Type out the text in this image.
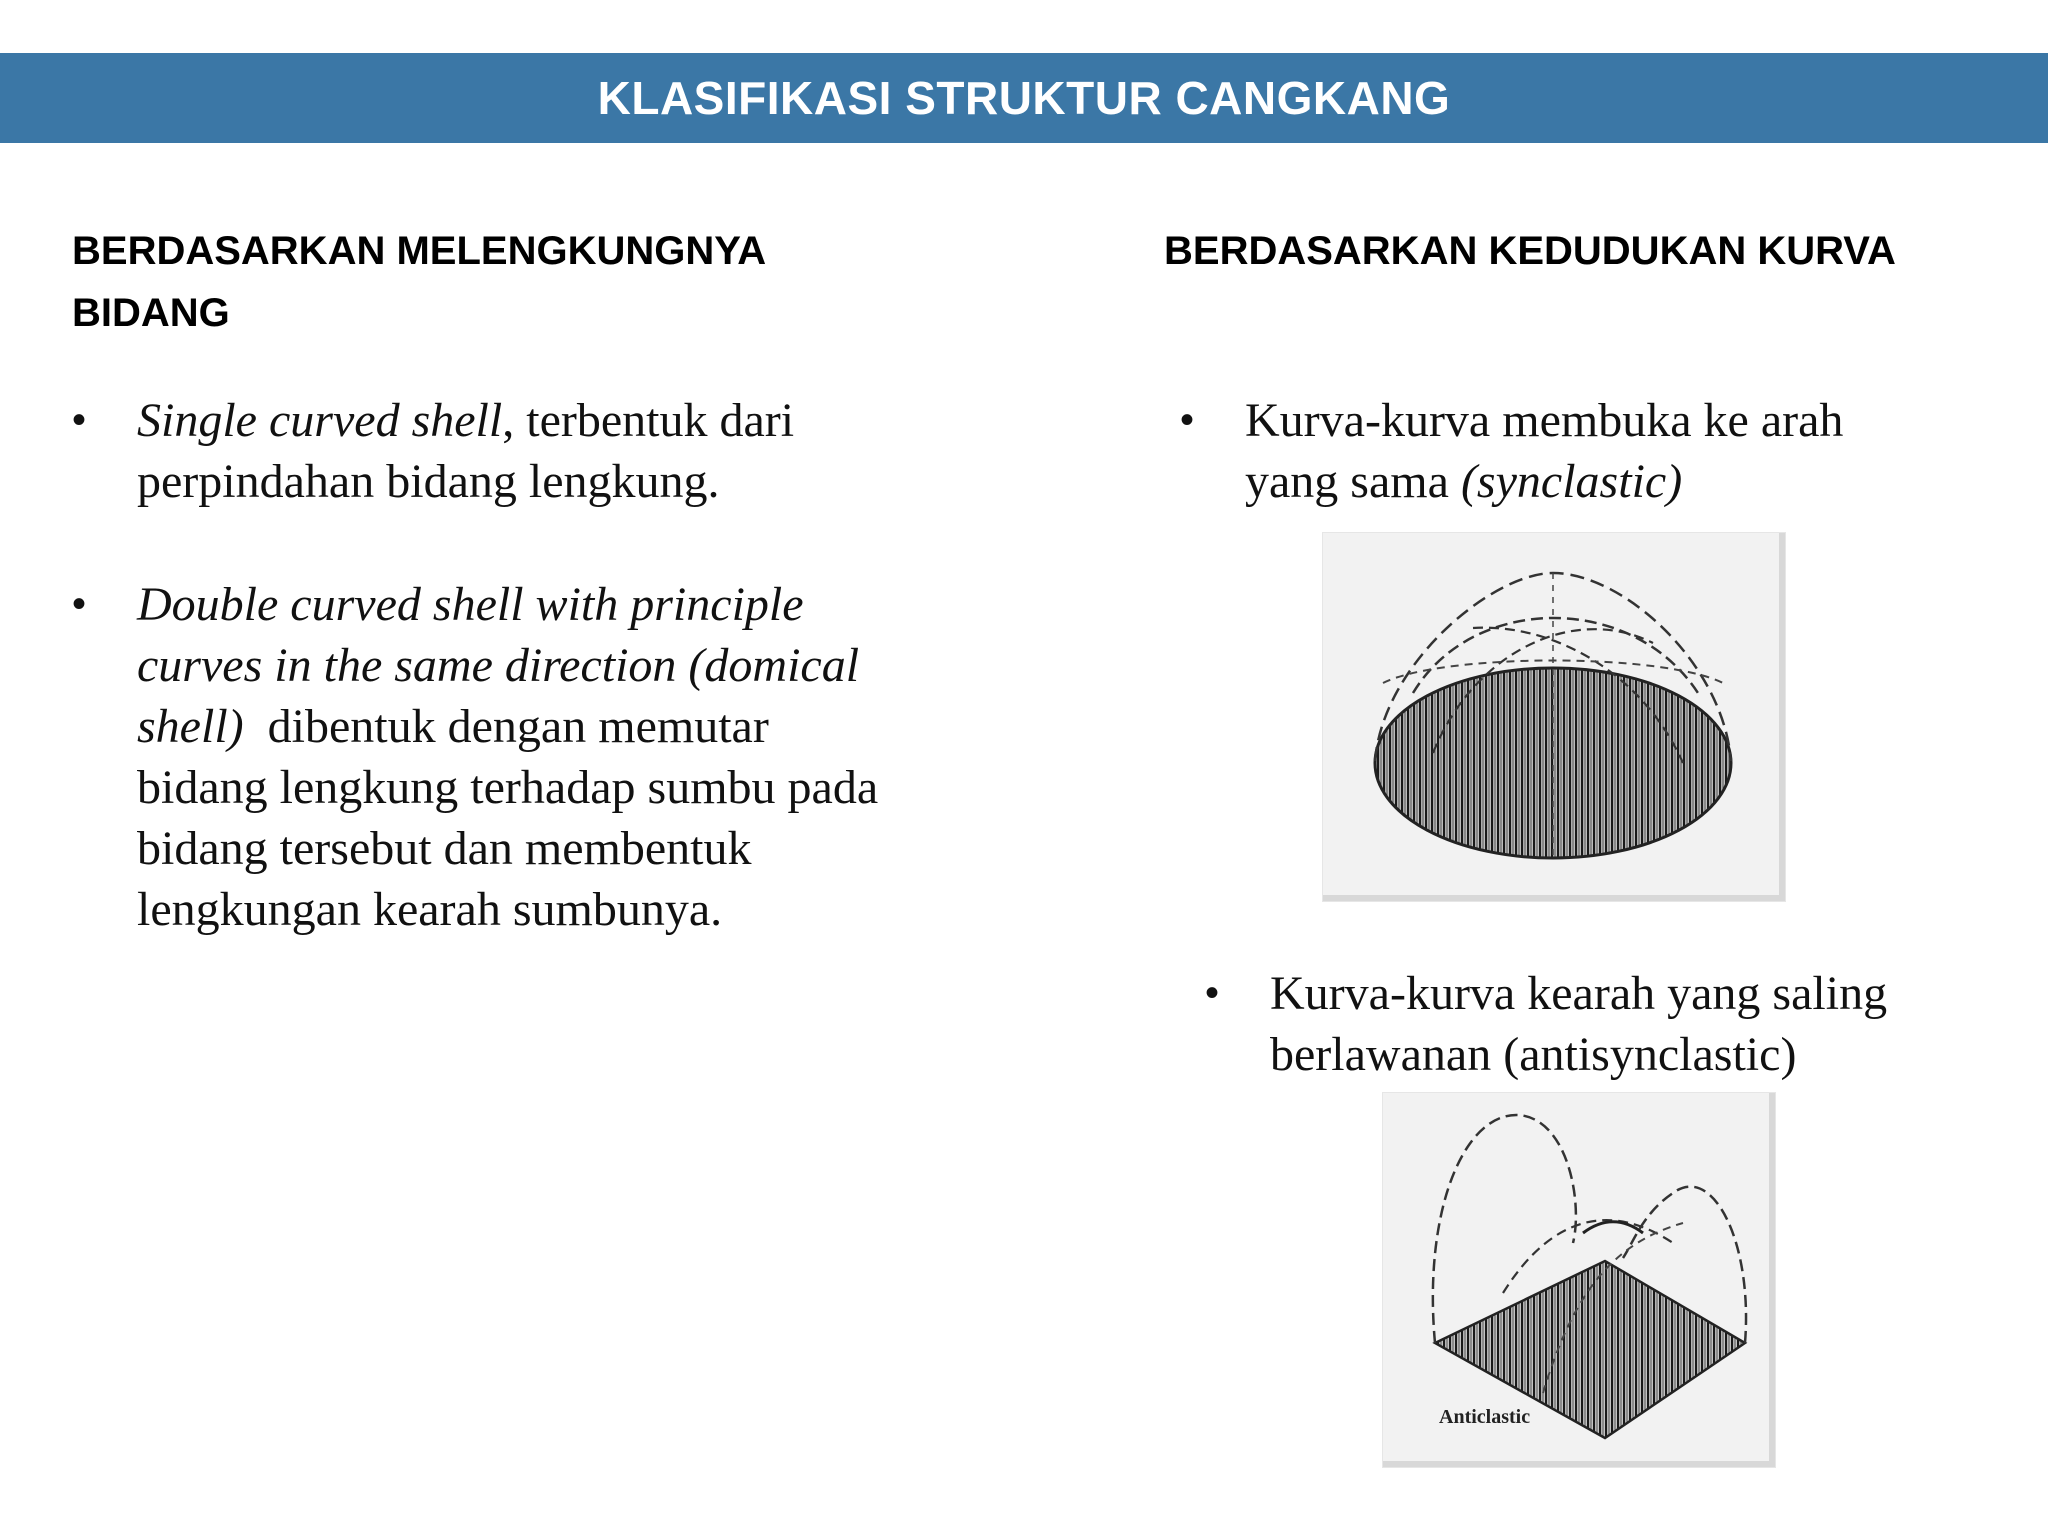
KLASIFIKASI STRUKTUR CANGKANG
BERDASARKAN MELENGKUNGNYA
BIDANG
• Single curved shell, terbentuk dari
perpindahan bidang lengkung.
• Double curved shell with principle
curves in the same direction (domical
shell)  dibentuk dengan memutar
bidang lengkung terhadap sumbu pada
bidang tersebut dan membentuk
lengkungan kearah sumbunya.
BERDASARKAN KEDUDUKAN KURVA
• Kurva-kurva membuka ke arah
yang sama (synclastic)
• Kurva-kurva kearah yang saling
berlawanan (antisynclastic)
Anticlastic
